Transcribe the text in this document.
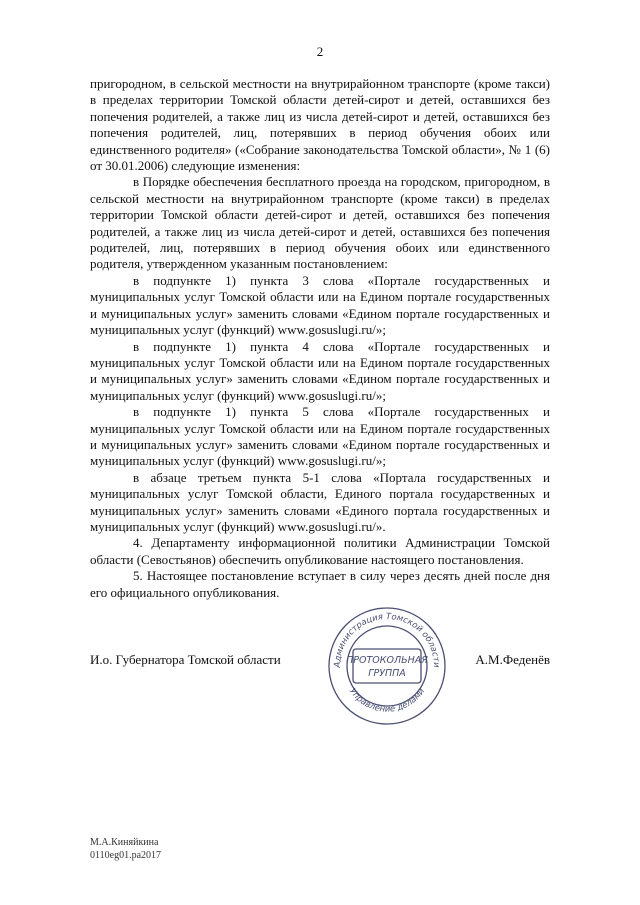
2

пригородном, в сельской местности на внутрирайонном транспорте (кроме такси) в пределах территории Томской области детей-сирот и детей, оставшихся без попечения родителей, а также лиц из числа детей-сирот и детей, оставшихся без попечения родителей, лиц, потерявших в период обучения обоих или единственного родителя» («Собрание законодательства Томской области», № 1 (6) от 30.01.2006) следующие изменения:

в Порядке обеспечения бесплатного проезда на городском, пригородном, в сельской местности на внутрирайонном транспорте (кроме такси) в пределах территории Томской области детей-сирот и детей, оставшихся без попечения родителей, а также лиц из числа детей-сирот и детей, оставшихся без попечения родителей, лиц, потерявших в период обучения обоих или единственного родителя, утвержденном указанным постановлением:

в подпункте 1) пункта 3 слова «Портале государственных и муниципальных услуг Томской области или на Едином портале государственных и муниципальных услуг» заменить словами «Едином портале государственных и муниципальных услуг (функций) www.gosuslugi.ru/»;

в подпункте 1) пункта 4 слова «Портале государственных и муниципальных услуг Томской области или на Едином портале государственных и муниципальных услуг» заменить словами «Едином портале государственных и муниципальных услуг (функций) www.gosuslugi.ru/»;

в подпункте 1) пункта 5 слова «Портале государственных и муниципальных услуг Томской области или на Едином портале государственных и муниципальных услуг» заменить словами «Едином портале государственных и муниципальных услуг (функций) www.gosuslugi.ru/»;

в абзаце третьем пункта 5-1 слова «Портала государственных и муниципальных услуг Томской области, Единого портала государственных и муниципальных услуг» заменить словами «Единого портала государственных и муниципальных услуг (функций) www.gosuslugi.ru/».

4. Департаменту информационной политики Администрации Томской области (Севостьянов) обеспечить опубликование настоящего постановления.

5. Настоящее постановление вступает в силу через десять дней после дня его официального опубликования.

И.о. Губернатора Томской области	А.М.Феденёв
Администрация Томской области
Управление делами
ПРОТОКОЛЬНАЯ
ГРУППА
М.А.Киняйкина
0110eg01.pa2017
